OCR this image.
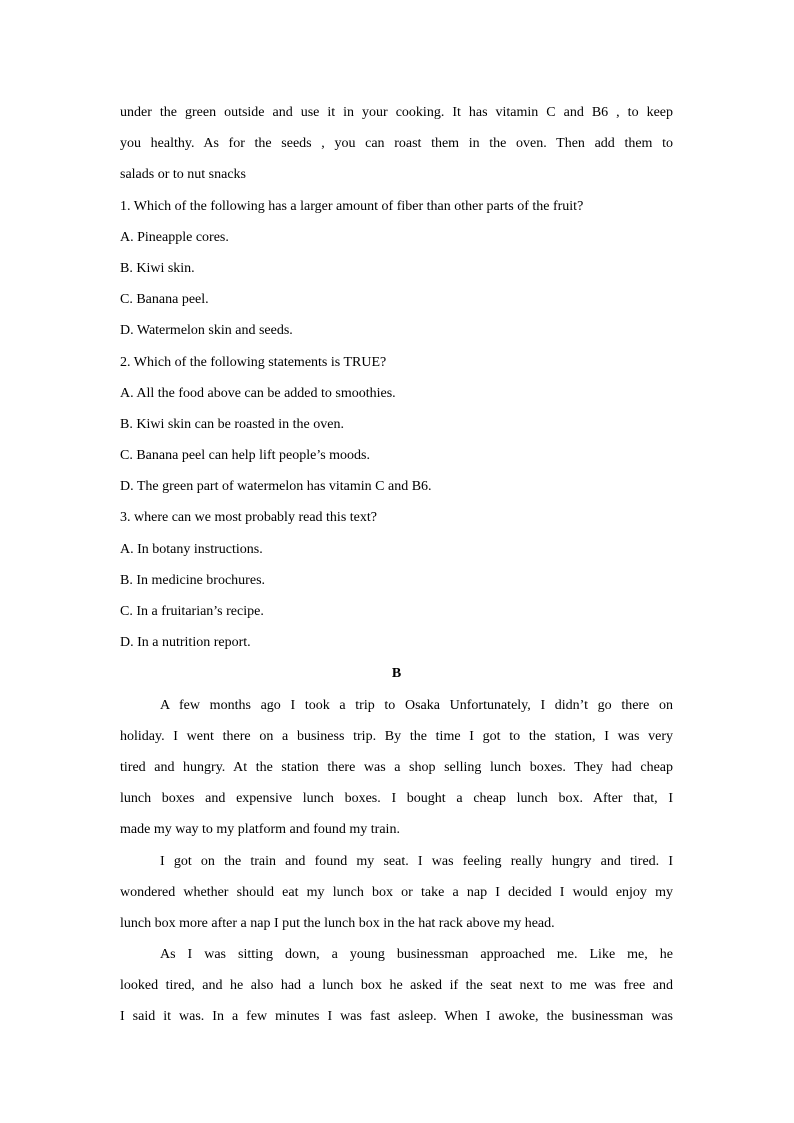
under the green outside and use it in your cooking. It has vitamin C and B6 , to keep
you healthy. As for the seeds , you can roast them in the oven. Then add them to
salads or to nut snacks
1. Which of the following has a larger amount of fiber than other parts of the fruit?
A. Pineapple cores.
B. Kiwi skin.
C. Banana peel.
D. Watermelon skin and seeds.
2. Which of the following statements is TRUE?
A. All the food above can be added to smoothies.
B. Kiwi skin can be roasted in the oven.
C. Banana peel can help lift people’s moods.
D. The green part of watermelon has vitamin C and B6.
3. where can we most probably read this text?
A. In botany instructions.
B. In medicine brochures.
C. In a fruitarian’s recipe.
D. In a nutrition report.
B
A few months ago I took a trip to Osaka Unfortunately, I didn’t go there on
holiday. I went there on a business trip. By the time I got to the station, I was very
tired and hungry. At the station there was a shop selling lunch boxes. They had cheap
lunch boxes and expensive lunch boxes. I bought a cheap lunch box. After that, I
made my way to my platform and found my train.
I got on the train and found my seat. I was feeling really hungry and tired. I
wondered whether should eat my lunch box or take a nap I decided I would enjoy my
lunch box more after a nap I put the lunch box in the hat rack above my head.
As I was sitting down, a young businessman approached me. Like me, he
looked tired, and he also had a lunch box he asked if the seat next to me was free and
I said it was. In a few minutes I was fast asleep. When I awoke, the businessman was
